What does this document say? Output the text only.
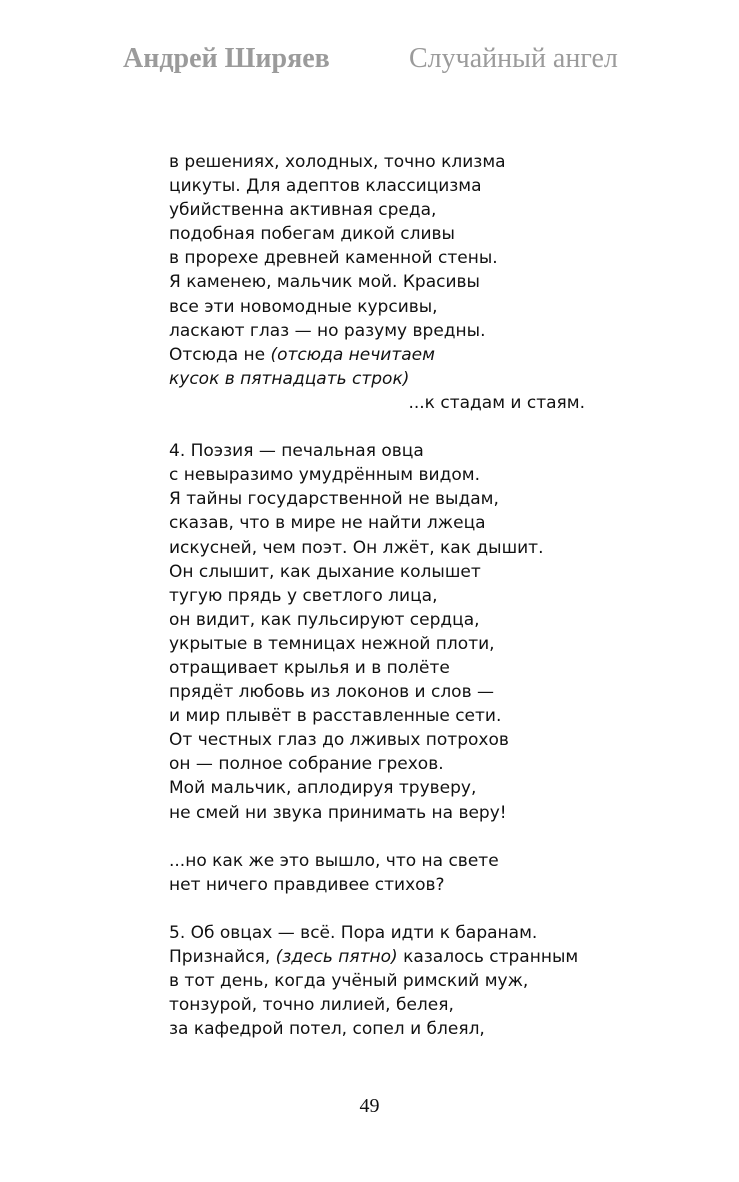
Андрей Ширяев	Случайный ангел
в решениях, холодных, точно клизма
цикуты. Для адептов классицизма
убийственна активная среда,
подобная побегам дикой сливы
в прорехе древней каменной стены.
Я каменею, мальчик мой. Красивы
все эти новомодные курсивы,
ласкают глаз — но разуму вредны.
Отсюда не (отсюда нечитаем
кусок в пятнадцать строк)
...к стадам и стаям.
4. Поэзия — печальная овца
с невыразимо умудрённым видом.
Я тайны государственной не выдам,
сказав, что в мире не найти лжеца
искусней, чем поэт. Он лжёт, как дышит.
Он слышит, как дыхание колышет
тугую прядь у светлого лица,
он видит, как пульсируют сердца,
укрытые в темницах нежной плоти,
отращивает крылья и в полёте
прядёт любовь из локонов и слов —
и мир плывёт в расставленные сети.
От честных глаз до лживых потрохов
он — полное собрание грехов.
Мой мальчик, аплодируя труверу,
не смей ни звука принимать на веру!
...но как же это вышло, что на свете
нет ничего правдивее стихов?
5. Об овцах — всё. Пора идти к баранам.
Признайся, (здесь пятно) казалось странным
в тот день, когда учёный римский муж,
тонзурой, точно лилией, белея,
за кафедрой потел, сопел и блеял,
49
